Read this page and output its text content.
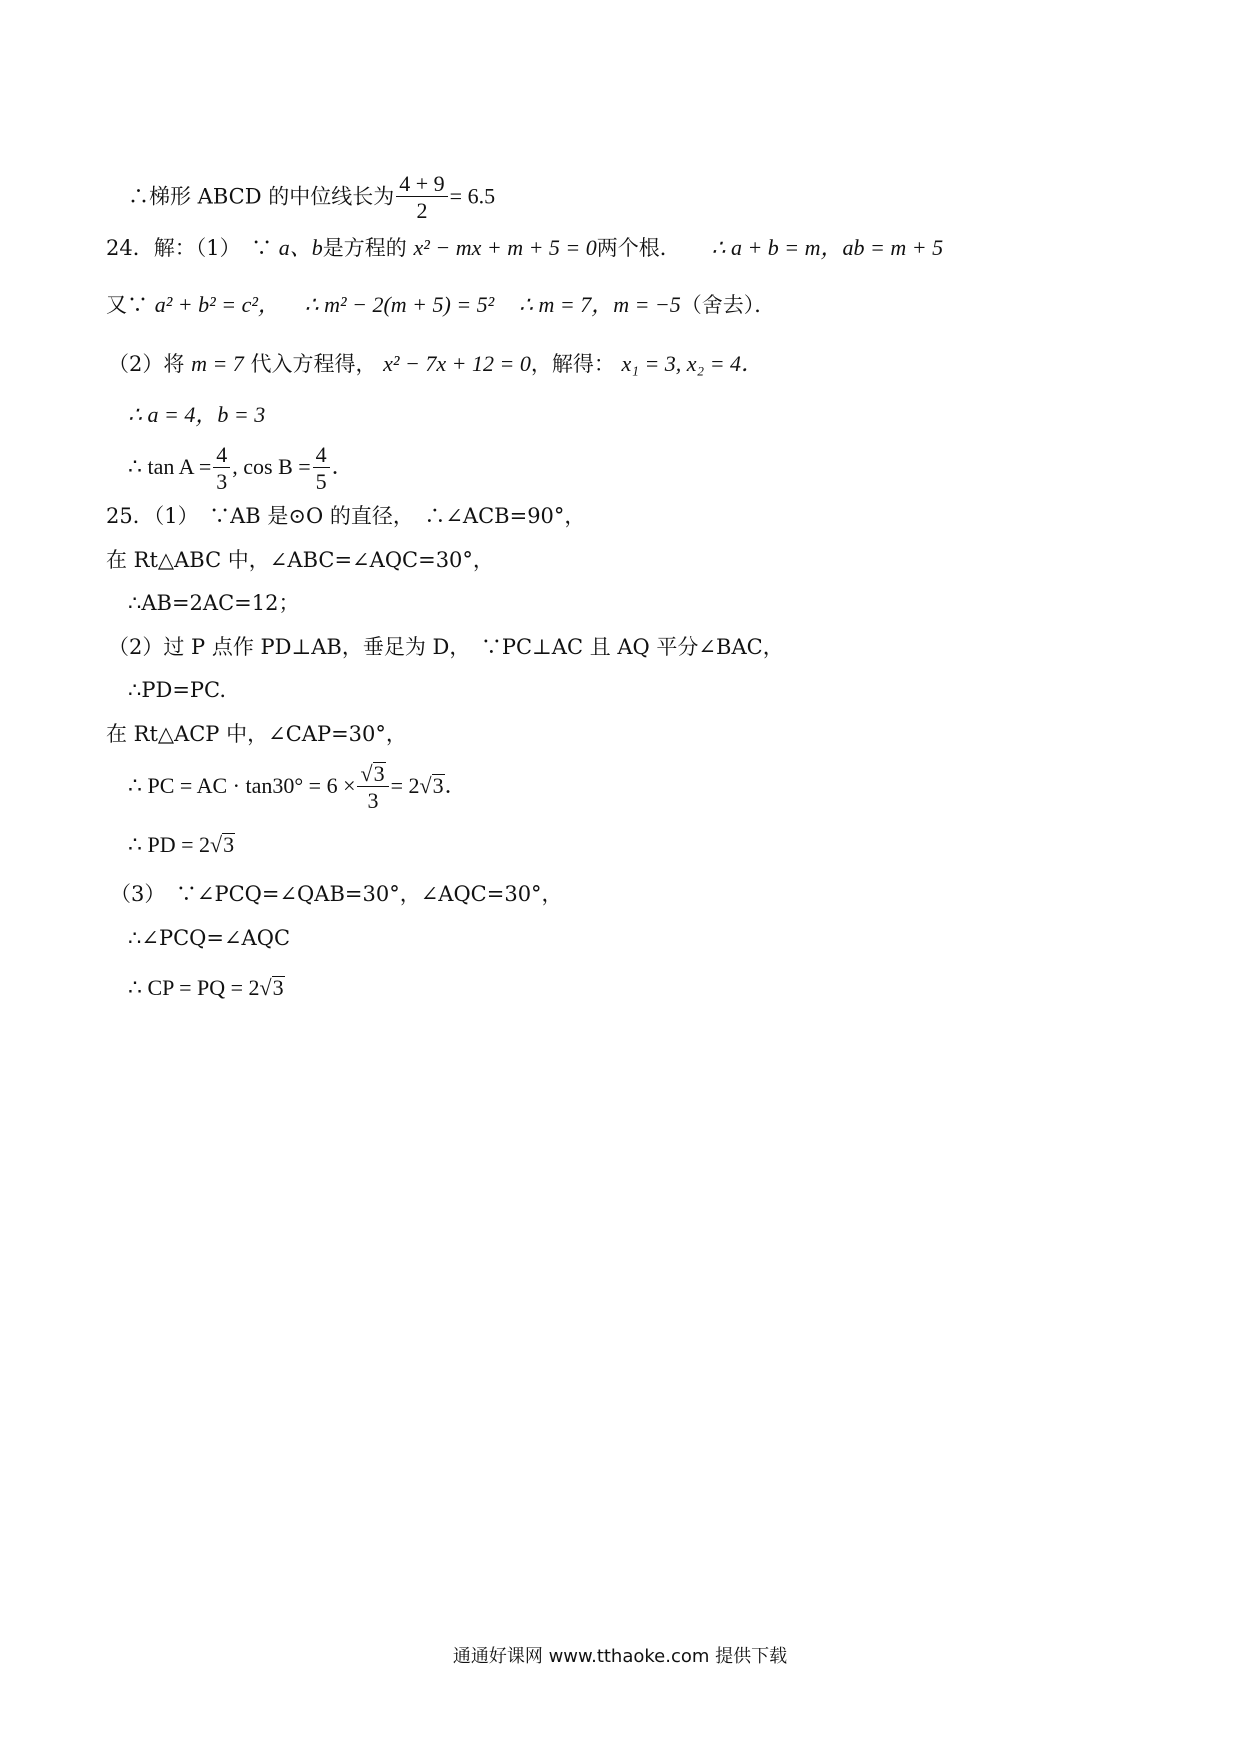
∴梯形 ABCD 的中位线长为 $\frac{4 + 9}{2} = 6.5$
24．解：（1）　∵ a、b是方程的 x² − mx + m + 5 = 0两个根． ∴ a + b = m，ab = m + 5
又∵ a² + b² = c²， ∴ m² − 2(m + 5) = 5² ∴ m = 7，m = −5（舍去）．
（2）将 m = 7 代入方程得， x² − 7x + 12 = 0，解得： x₁ = 3, x₂ = 4．
∴ a = 4，b = 3
∴ $\tan A = \frac{4}{3}$ , $\cos B = \frac{4}{5}$ ．
25．（1）　∵AB 是⊙O 的直径，　∴∠ACB=90°，
在 Rt△ABC 中，∠ABC=∠AQC=30°，
∴AB=2AC=12；
（2）过 P 点作 PD⊥AB，垂足为 D，　∵PC⊥AC 且 AQ 平分∠BAC，
∴PD=PC.
在 Rt△ACP 中，∠CAP=30°，
∴ PC = AC · $\tan 30^\circ = 6 \times \frac{√3}{3} = 2√3$．
∴ PD = 2√3
（3）　∵∠PCQ=∠QAB=30°，∠AQC=30°，
∴∠PCQ=∠AQC
∴ CP = PQ = 2√3
通通好课网 www.tthaoke.com 提供下载
